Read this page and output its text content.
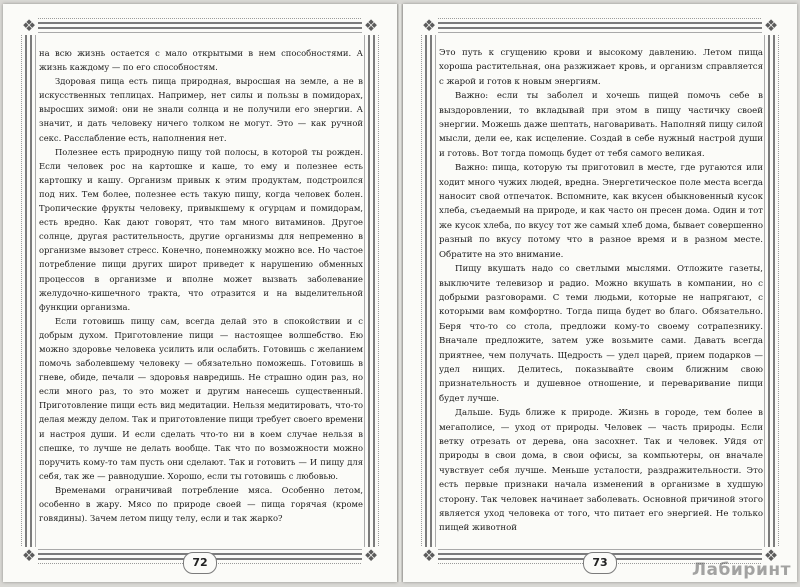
❖	❖
❖	❖

на всю жизнь остается с мало открытыми в нем способностями. А жизнь каждому — по его способностям.

Здоровая пища есть пища природная, выросшая на земле, а не в искусственных теплицах. Например, нет силы и пользы в помидорах, выросших зимой: они не знали солнца и не получили его энергии. А значит, и дать человеку ничего толком не могут. Это — как ручной секс. Расслабление есть, наполнения нет.

Полезнее есть природную пищу той полосы, в которой ты рожден. Если человек рос на картошке и каше, то ему и полезнее есть картошку и кашу. Организм привык к этим продуктам, подстроился под них. Тем более, полезнее есть такую пищу, когда человек болен. Тропические фрукты человеку, привыкшему к огурцам и помидорам, есть вредно. Как дают говорят, что там много витаминов. Другое солнце, другая растительность, другие организмы для непременно в организме вызовет стресс. Конечно, понемножку можно все. Но частое потребление пищи других широт приведет к нарушению обменных процессов в организме и вполне может вызвать заболевание желудочно-кишечного тракта, что отразится и на выделительной функции организма.

Если готовишь пищу сам, всегда делай это в спокойствии и с добрым духом. Приготовление пищи — настоящее волшебство. Ею можно здоровье человека усилить или ослабить. Готовишь с желанием помочь заболевшему человеку — обязательно поможешь. Готовишь в гневе, обиде, печали — здоровья навредишь. Не страшно один раз, но если много раз, то это может и другим нанесешь существенный. Приготовление пищи есть вид медитации. Нельзя медитировать, что-то делая между делом. Так и приготовление пищи требует своего времени и настроя души. И если сделать что-то ни в коем случае нельзя в спешке, то лучше не делать вообще. Так что по возможности можно поручить кому-то там пусть они сделают. Так и готовить — И пищу для себя, так же — равнодушие. Хорошо, если ты готовишь с любовью.

Временами ограничивай потребление мяса. Особенно летом, особенно в жару. Мясо по природе своей — пища горячая (кроме говядины). Зачем летом пищу телу, если и так жарко?

72
❖	❖
❖	❖

Это путь к сгущению крови и высокому давлению. Летом пища хороша растительная, она разжижает кровь, и организм справляется с жарой и готов к новым энергиям.

Важно: если ты заболел и хочешь пищей помочь себе в выздоровлении, то вкладывай при этом в пищу частичку своей энергии. Можешь даже шептать, наговаривать. Наполняй пищу силой мысли, дели ее, как исцеление. Создай в себе нужный настрой души и готовь. Вот тогда помощь будет от тебя самого великая.

Важно: пища, которую ты приготовил в месте, где ругаются или ходит много чужих людей, вредна. Энергетическое поле места всегда наносит свой отпечаток. Вспомните, как вкусен обыкновенный кусок хлеба, съедаемый на природе, и как часто он пресен дома. Один и тот же кусок хлеба, по вкусу тот же самый хлеб дома, бывает совершенно разный по вкусу потому что в разное время и в разном месте. Обратите на это внимание.

Пищу вкушать надо со светлыми мыслями. Отложите газеты, выключите телевизор и радио. Можно вкушать в компании, но с добрыми разговорами. С теми людьми, которые не напрягают, с которыми вам комфортно. Тогда пища будет во благо. Обязательно. Беря что-то со стола, предложи кому-то своему сотрапезнику. Вначале предложите, затем уже возьмите сами. Давать всегда приятнее, чем получать. Щедрость — удел царей, прием подарков — удел нищих. Делитесь, показывайте своим ближним свою признательность и душевное отношение, и переваривание пищи будет лучше.

Дальше. Будь ближе к природе. Жизнь в городе, тем более в мегаполисе, — уход от природы. Человек — часть природы. Если ветку отрезать от дерева, она засохнет. Так и человек. Уйдя от природы в свои дома, в свои офисы, за компьютеры, он вначале чувствует себя лучше. Меньше усталости, раздражительности. Это есть первые признаки начала изменений в организме в худшую сторону. Так человек начинает заболевать. Основной причиной этого является уход человека от того, что питает его энергией. Не только пищей животной

73	Лабиринт
